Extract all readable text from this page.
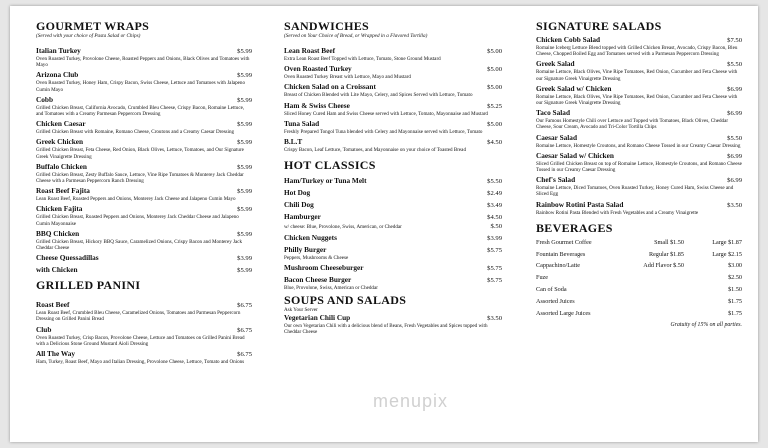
GOURMET WRAPS
(Served with your choice of Pasta Salad or Chips)
Italian Turkey	$5.99
Oven Roasted Turkey, Provolone Cheese, Roasted Peppers and Onions, Black Olives and Tomatoes with Mayo
Arizona Club	$5.99
Oven Roasted Turkey, Honey Ham, Crispy Bacon, Swiss Cheese, Lettuce and Tomatoes with Jalapeno Cumin Mayo
Cobb	$5.99
Grilled Chicken Breast, California Avocado, Crumbled Bleu Cheese, Crispy Bacon, Romaine Lettuce, and Tomatoes with a Creamy Parmesan Peppercorn Dressing
Chicken Caesar	$5.99
Grilled Chicken Breast with Romaine, Romano Cheese, Croutons and a Creamy Caesar Dressing
Greek Chicken	$5.99
Grilled Chicken Breast, Feta Cheese, Red Onion, Black Olives, Lettuce, Tomatoes, and Our Signature Greek Vinaigrette Dressing
Buffalo Chicken	$5.99
Grilled Chicken Breast, Zesty Buffalo Sauce, Lettuce, Vine Ripe Tomatoes & Monterey Jack Cheddar Cheese with a Parmesan Peppercorn Ranch Dressing
Roast Beef Fajita	$5.99
Lean Roast Beef, Roasted Peppers and Onions, Monterey Jack Cheese and Jalapeno Cumin Mayo
Chicken Fajita	$5.99
Grilled Chicken Breast, Roasted Peppers and Onions, Monterey Jack Cheddar Cheese and Jalapeno Cumin Mayonnaise
BBQ Chicken	$5.99
Grilled Chicken Breast, Hickory BBQ Sauce, Caramelized Onions, Crispy Bacon and Monterey Jack Cheddar Cheese
Cheese Quessadillas	$3.99
with Chicken	$5.99
GRILLED PANINI
Roast Beef	$6.75
Lean Roast Beef, Crumbled Bleu Cheese, Caramelized Onions, Tomatoes and Parmesan Peppercorn Dressing on Grilled Panini Bread
Club	$6.75
Oven Roasted Turkey, Crisp Bacon, Provolone Cheese, Lettuce and Tomatoes on Grilled Panini Bread with a Delicious Stone Ground Mustard Aioli Dressing
All The Way	$6.75
Ham, Turkey, Roast Beef, Mayo and Italian Dressing, Provolone Cheese, Lettuce, Tomato and Onions
SANDWICHES
(Served on Your Choice of Bread, or Wrapped in a Flavored Tortilla)
Lean Roast Beef	$5.00
Extra Lean Roast Beef Topped with Lettuce, Tomato, Stone Ground Mustard
Oven Roasted Turkey	$5.00
Oven Roasted Turkey Breast with Lettuce, Mayo and Mustard
Chicken Salad on a Croissant	$5.00
Breast of Chicken Blended with Lite Mayo, Celery, and Spices Served with Lettuce, Tomato
Ham & Swiss Cheese	$5.25
Sliced Honey Cured Ham and Swiss Cheese served with Lettuce, Tomato, Mayonnaise and Mustard
Tuna Salad	$5.00
Freshly Prepared Tongol Tuna blended with Celery and Mayonnaise served with Lettuce, Tomato
B.L.T	$4.50
Crispy Bacon, Leaf Lettuce, Tomatoes, and Mayonnaise on your choice of Toasted Bread
HOT CLASSICS
Ham/Turkey or Tuna Melt	$5.50
Hot Dog	$2.49
Chili Dog	$3.49
Hamburger	$4.50
w/ cheese: Blue, Provolone, Swiss, American, or Cheddar	$.50
Chicken Nuggets	$3.99
Philly Burger	$5.75
Peppers, Mushrooms & Cheese
Mushroom Cheeseburger	$5.75
Bacon Cheese Burger	$5.75
Blue, Provolone, Swiss, American or Cheddar
SOUPS AND SALADS
Ask Your Server
Vegetarian Chili Cup	$3.50
Our own Vegetarian Chili with a delicious blend of Beans, Fresh Vegetables and Spices topped with Cheddar Cheese
SIGNATURE SALADS
Chicken Cobb Salad	$7.50
Romaine Iceberg Lettuce Blend topped with Grilled Chicken Breast, Avocado, Crispy Bacon, Bleu Cheese, Chopped Boiled Egg and Tomatoes served with a Parmesan Peppercorn Dressing
Greek Salad	$5.50
Romaine Lettuce, Black Olives, Vine Ripe Tomatoes, Red Onion, Cucumber and Feta Cheese with our Signature Greek Vinaigrette Dressing
Greek Salad w/ Chicken	$6.99
Romaine Lettuce, Black Olives, Vine Ripe Tomatoes, Red Onion, Cucumber and Feta Cheese with our Signature Greek Vinaigrette Dressing
Taco Salad	$6.99
Our Famous Homestyle Chili over Lettuce and Topped with Tomatoes, Black Olives, Cheddar Cheese, Sour Cream, Avocado and Tri-Color Tortilla Chips
Caesar Salad	$5.50
Romaine Lettuce, Homestyle Croutons, and Romano Cheese Tossed in our Creamy Caesar Dressing
Caesar Salad w/ Chicken	$6.99
Sliced Grilled Chicken Breast on top of Romaine Lettuce, Homestyle Croutons, and Romano Cheese Tossed in our Creamy Caesar Dressing
Chef's Salad	$6.99
Romaine Lettuce, Diced Tomatoes, Oven Roasted Turkey, Honey Cured Ham, Swiss Cheese and Sliced Egg
Rainbow Rotini Pasta Salad	$3.50
Rainbow Rotini Pasta Blended with Fresh Vegetables and a Creamy Vinaigrette
BEVERAGES
Fresh Gourmet Coffee	Small $1.50	Large $1.87
Fountain Beverages	Regular $1.85	Large $2.15
Cappachino/Latte	Add Flavor $.50	$3.00
Fuze	$2.50
Can of Soda	$1.50
Assorted Juices	$1.75
Assorted Large Juices	$1.75
Gratuity of 15% on all parties.
menupix
